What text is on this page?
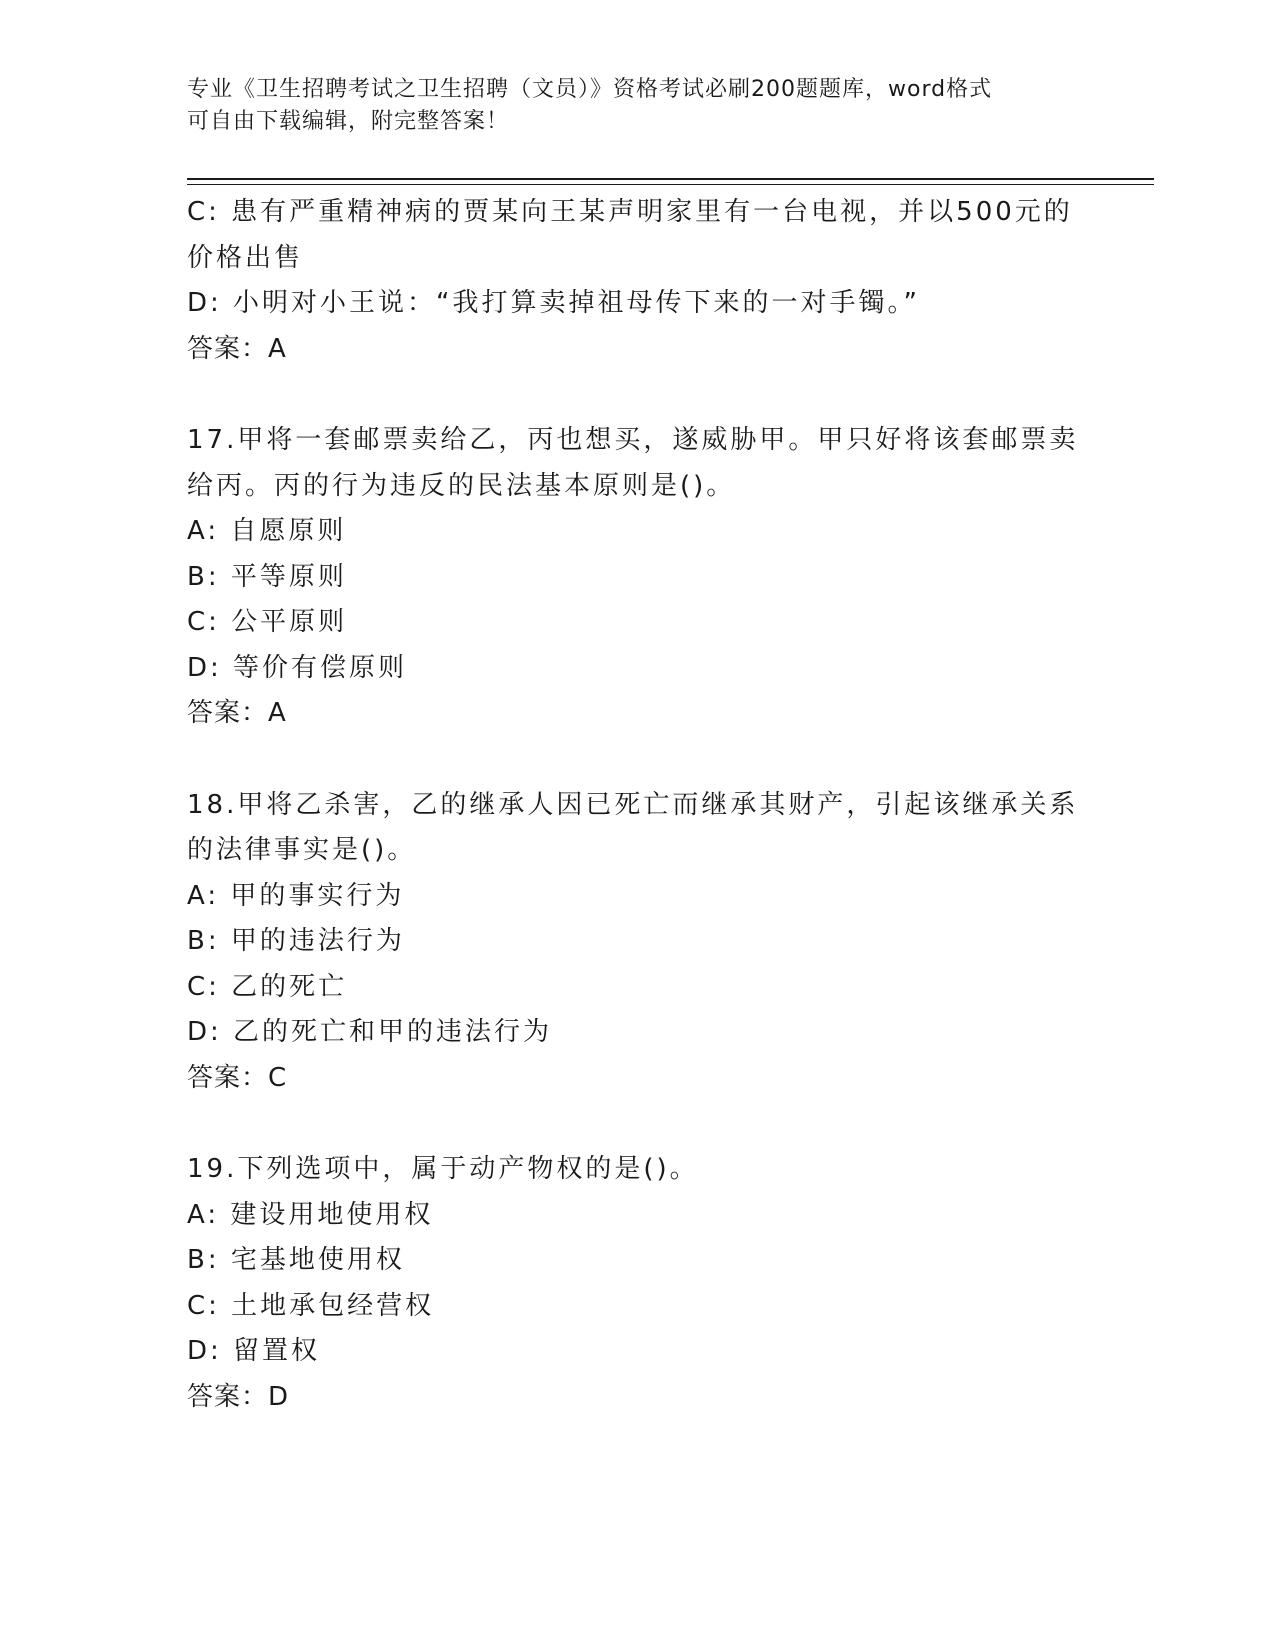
专业《卫生招聘考试之卫生招聘（文员）》资格考试必刷200题题库，word格式
可自由下载编辑，附完整答案！

C: 患有严重精神病的贾某向王某声明家里有一台电视，并以500元的

价格出售

D: 小明对小王说：“我打算卖掉祖母传下来的一对手镯。”

答案：A

17.甲将一套邮票卖给乙，丙也想买，遂威胁甲。甲只好将该套邮票卖

给丙。丙的行为违反的民法基本原则是()。

A: 自愿原则

B: 平等原则

C: 公平原则

D: 等价有偿原则

答案：A

18.甲将乙杀害，乙的继承人因已死亡而继承其财产，引起该继承关系

的法律事实是()。

A: 甲的事实行为

B: 甲的违法行为

C: 乙的死亡

D: 乙的死亡和甲的违法行为

答案：C

19.下列选项中，属于动产物权的是()。

A: 建设用地使用权

B: 宅基地使用权

C: 土地承包经营权

D: 留置权

答案：D
